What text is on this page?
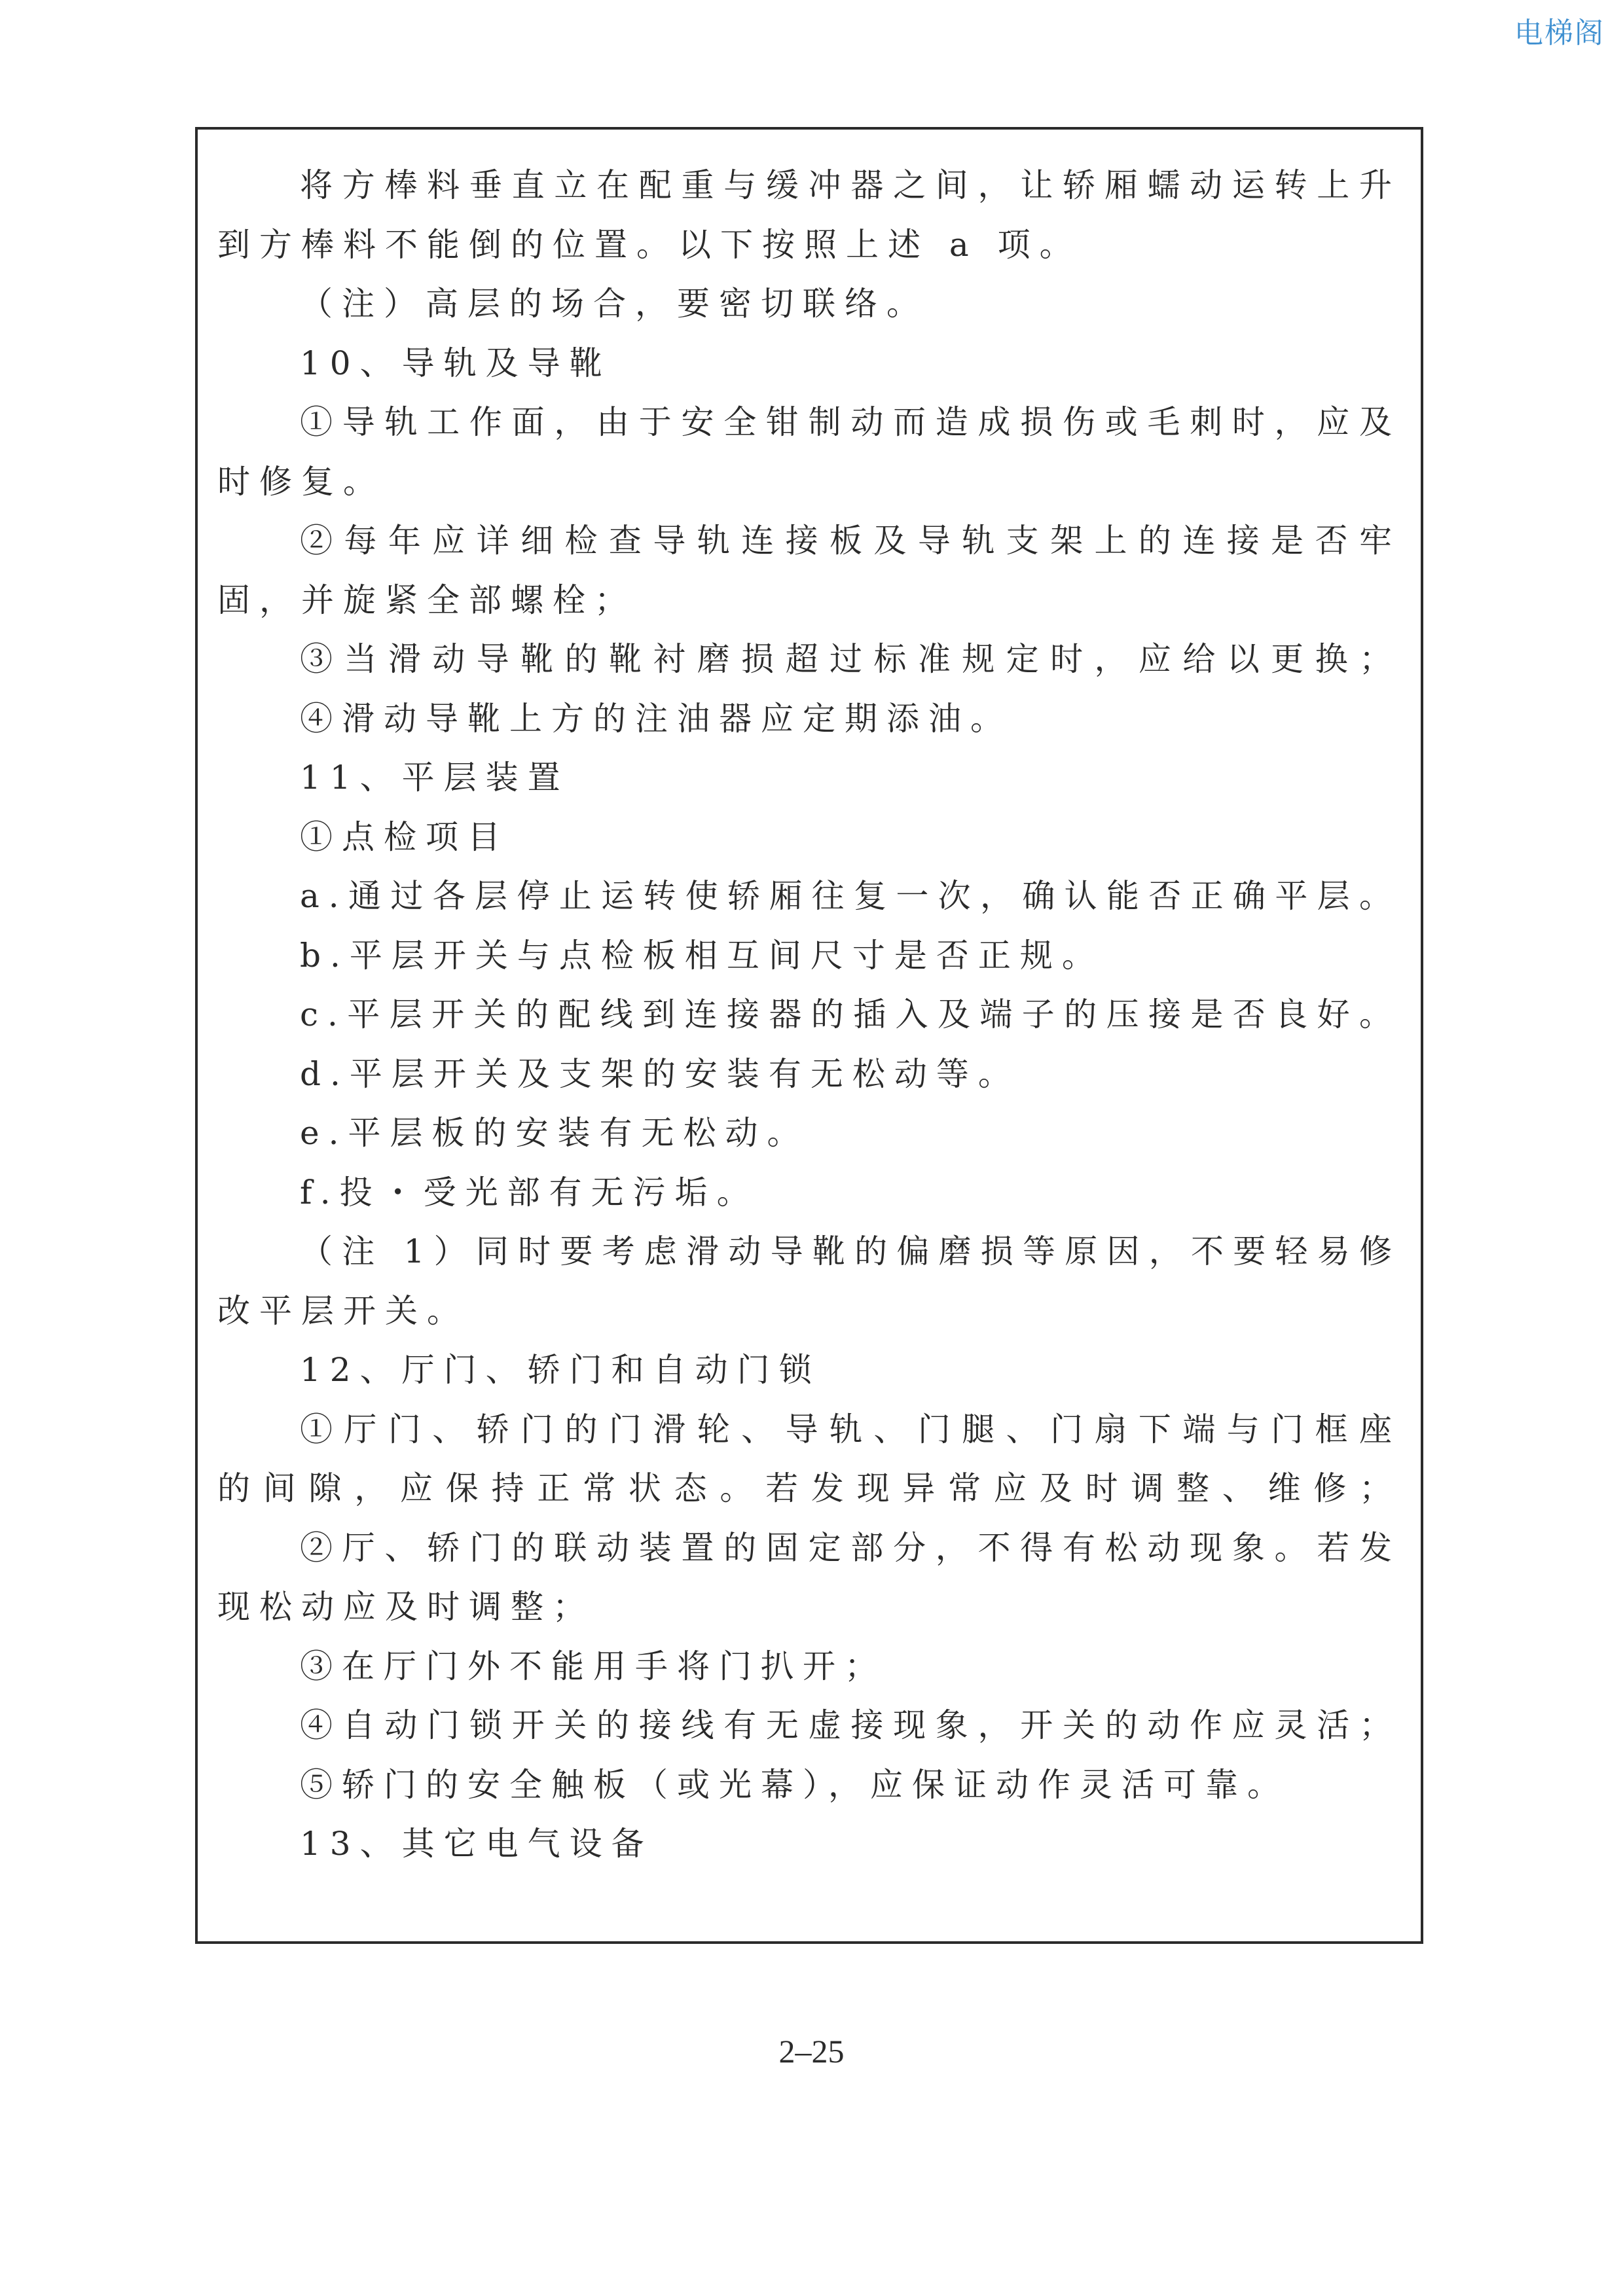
电梯阁
将方棒料垂直立在配重与缓冲器之间，让轿厢蠕动运转上升
到方棒料不能倒的位置。以下按照上述 a 项。
（注）高层的场合，要密切联络。
10、导轨及导靴
①导轨工作面，由于安全钳制动而造成损伤或毛刺时，应及
时修复。
②每年应详细检查导轨连接板及导轨支架上的连接是否牢
固，并旋紧全部螺栓；
③当滑动导靴的靴衬磨损超过标准规定时，应给以更换；
④滑动导靴上方的注油器应定期添油。
11、平层装置
①点检项目
a.通过各层停止运转使轿厢往复一次，确认能否正确平层。
b.平层开关与点检板相互间尺寸是否正规。
c.平层开关的配线到连接器的插入及端子的压接是否良好。
d.平层开关及支架的安装有无松动等。
e.平层板的安装有无松动。
f.投・受光部有无污垢。
（注 1）同时要考虑滑动导靴的偏磨损等原因，不要轻易修
改平层开关。
12、厅门、轿门和自动门锁
①厅门、轿门的门滑轮、导轨、门腿、门扇下端与门框座
的间隙，应保持正常状态。若发现异常应及时调整、维修；
②厅、轿门的联动装置的固定部分，不得有松动现象。若发
现松动应及时调整；
③在厅门外不能用手将门扒开；
④自动门锁开关的接线有无虚接现象，开关的动作应灵活；
⑤轿门的安全触板（或光幕），应保证动作灵活可靠。
13、其它电气设备
2–25
